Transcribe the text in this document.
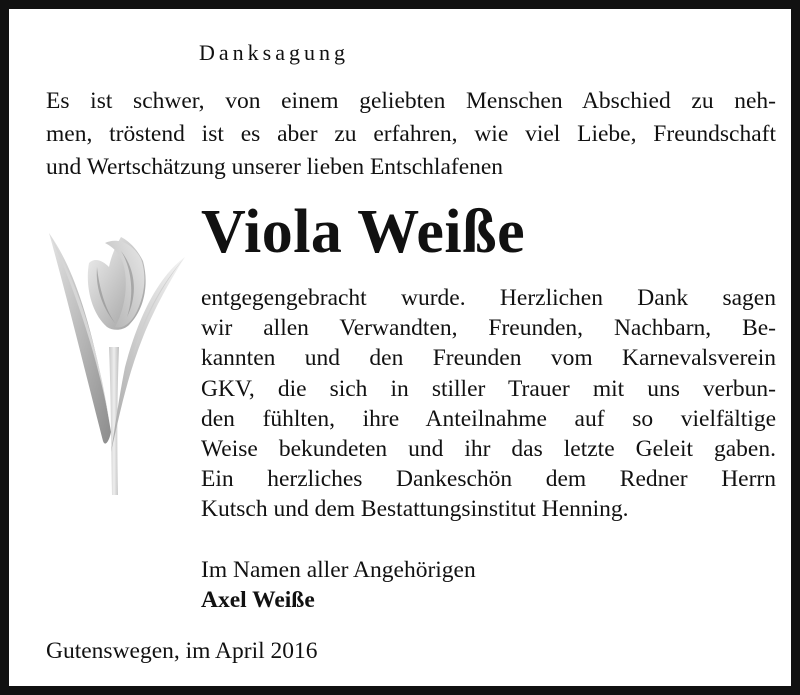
Danksagung
Es ist schwer, von einem geliebten Menschen Abschied zu neh-
men, tröstend ist es aber zu erfahren, wie viel Liebe, Freundschaft
und Wertschätzung unserer lieben Entschlafenen
Viola Weiße
entgegengebracht wurde. Herzlichen Dank sagen
wir allen Verwandten, Freunden, Nachbarn, Be-
kannten und den Freunden vom Karnevalsverein
GKV, die sich in stiller Trauer mit uns verbun-
den fühlten, ihre Anteilnahme auf so vielfältige
Weise bekundeten und ihr das letzte Geleit gaben.
Ein herzliches Dankeschön dem Redner Herrn
Kutsch und dem Bestattungsinstitut Henning.
Im Namen aller Angehörigen
Axel Weiße
Gutenswegen, im April 2016
